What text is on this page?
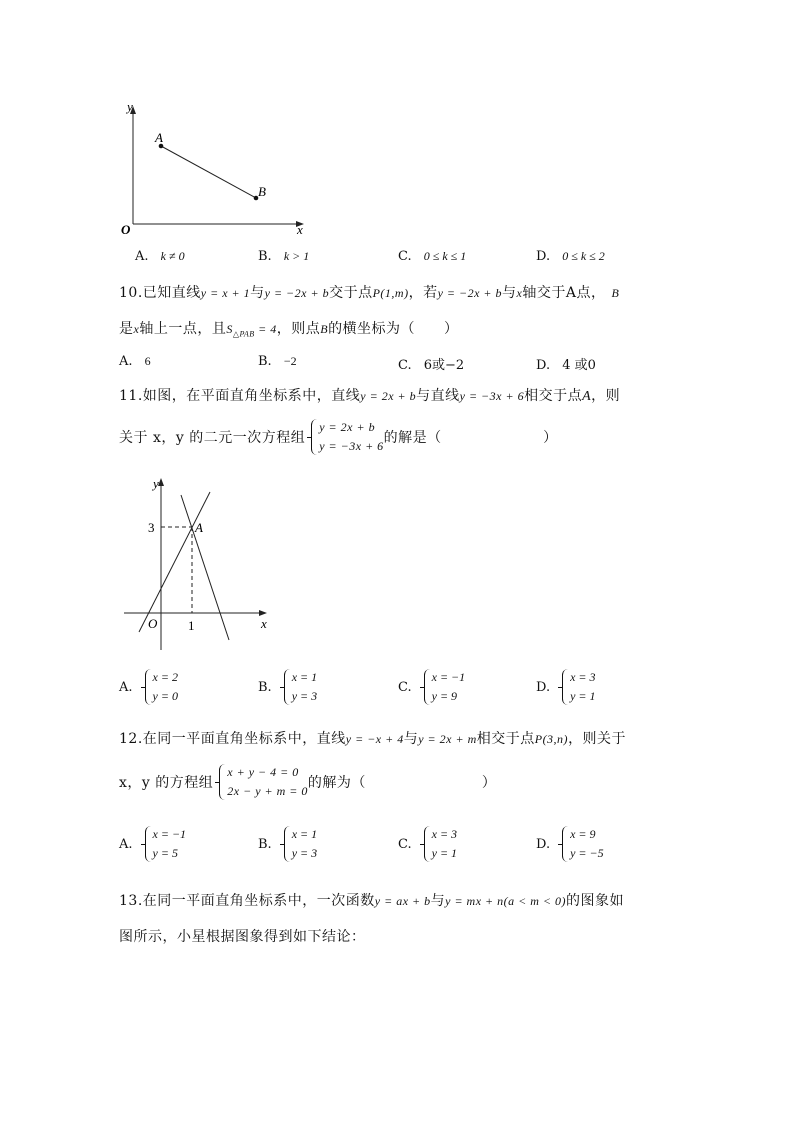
y
x
O
A
B
A. k ≠ 0	B. k > 1	C. 0 ≤ k ≤ 1	D. 0 ≤ k ≤ 2
10.已知直线y = x + 1与y = −2x + b交于点P(1,m)，若y = −2x + b与x轴交于A点， B
是x轴上一点，且$S_{\triangle PAB} = 4$，则点B的横坐标为（　　）
A. 6	B. −2	C. 6或−2	D. 4 或0
11.如图，在平面直角坐标系中，直线y = 2x + b与直线y = −3x + 6相交于点A，则
关于 x，y 的二元一次方程组
y = 2x + b
y = −3x + 6 的解是（　　　　　　　）
y
x
O
A
3
1
A.
x = 2
y = 0
B.
x = 1
y = 3
C.
x = −1
y = 9
D.
x = 3
y = 1
12.在同一平面直角坐标系中，直线y = −x + 4与y = 2x + m相交于点P(3,n)，则关于
x，y 的方程组
x + y − 4 = 0
2x − y + m = 0 的解为（　　　　　　　　）
A.
x = −1
y = 5
B.
x = 1
y = 3
C.
x = 3
y = 1
D.
x = 9
y = −5
13.在同一平面直角坐标系中，一次函数y = ax + b与y = mx + n(a < m < 0)的图象如
图所示，小星根据图象得到如下结论：
